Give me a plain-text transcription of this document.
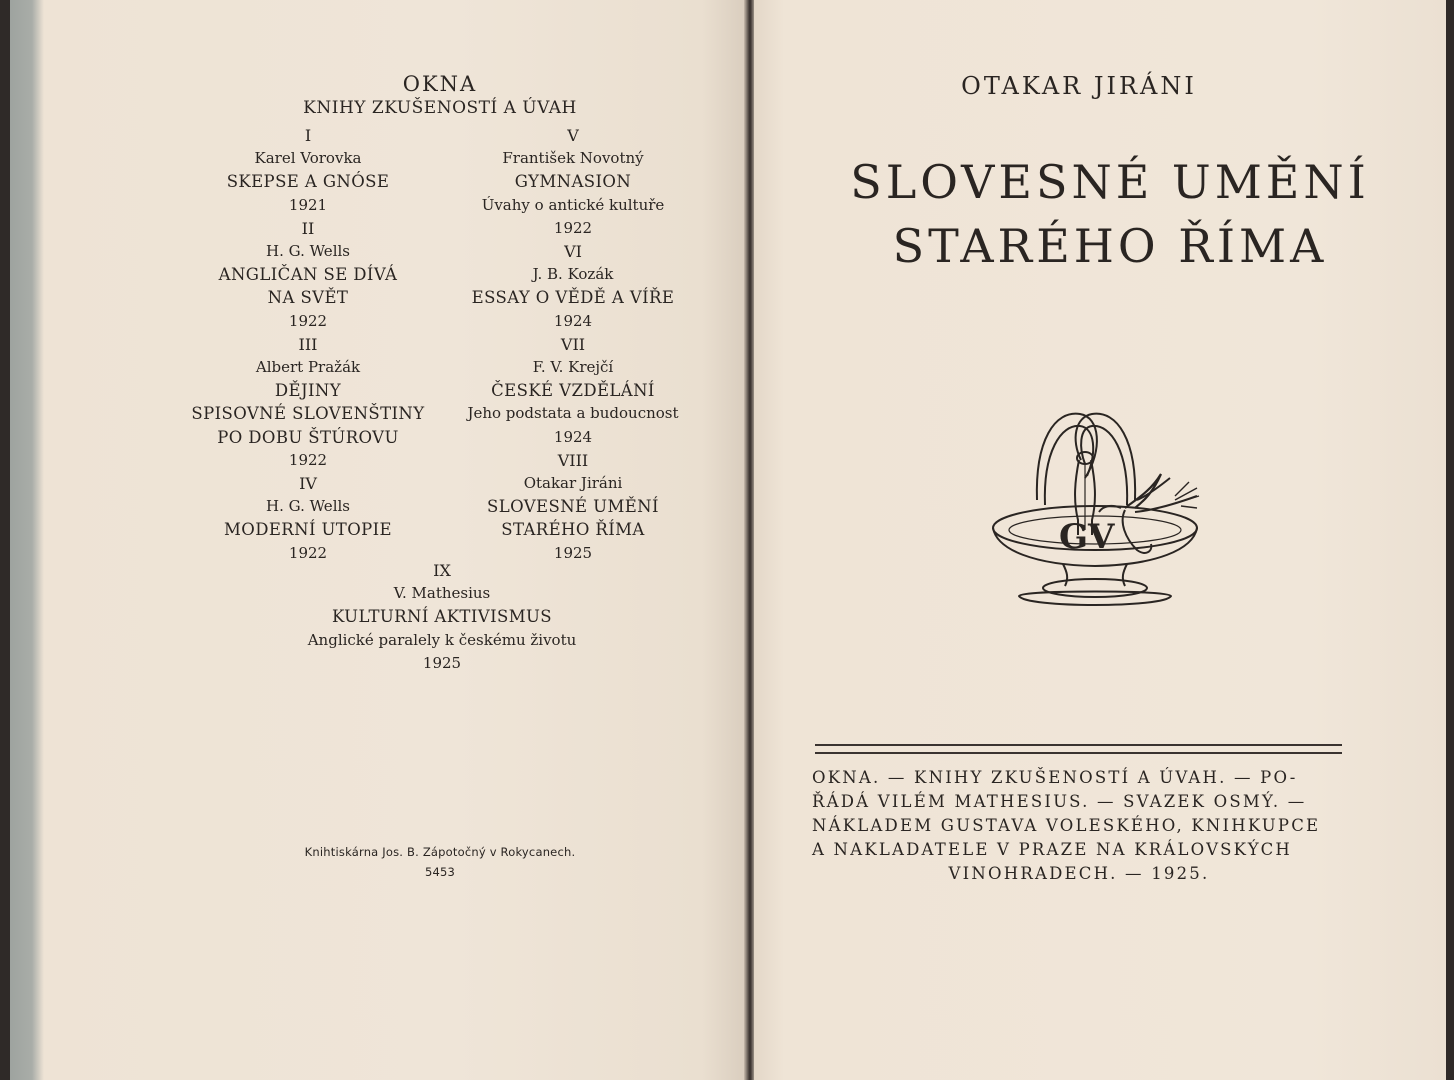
OKNA
KNIHY ZKUŠENOSTÍ A ÚVAH
I
Karel Vorovka
SKEPSE A GNÓSE
1921
II
H. G. Wells
ANGLIČAN SE DÍVÁ
NA SVĚT
1922
III
Albert Pražák
DĚJINY
SPISOVNÉ SLOVENŠTINY
PO DOBU ŠTÚROVU
1922
IV
H. G. Wells
MODERNÍ UTOPIE
1922
V
František Novotný
GYMNASION
Úvahy o antické kultuře
1922
VI
J. B. Kozák
ESSAY O VĚDĚ A VÍŘE
1924
VII
F. V. Krejčí
ČESKÉ VZDĚLÁNÍ
Jeho podstata a budoucnost
1924
VIII
Otakar Jiráni
SLOVESNÉ UMĚNÍ
STARÉHO ŘÍMA
1925
IX
V. Mathesius
KULTURNÍ AKTIVISMUS
Anglické paralely k českému životu
1925
Knihtiskárna Jos. B. Zápotočný v Rokycanech.
5453
OTAKAR JIRÁNI
SLOVESNÉ UMĚNÍ
STARÉHO ŘÍMA
GV
OKNA. — KNIHY ZKUŠENOSTÍ A ÚVAH. — PO-
ŘÁDÁ VILÉM MATHESIUS. — SVAZEK OSMÝ. —
NÁKLADEM GUSTAVA VOLESKÉHO, KNIHKUPCE
A NAKLADATELE V PRAZE NA KRÁLOVSKÝCH
VINOHRADECH. — 1925.
